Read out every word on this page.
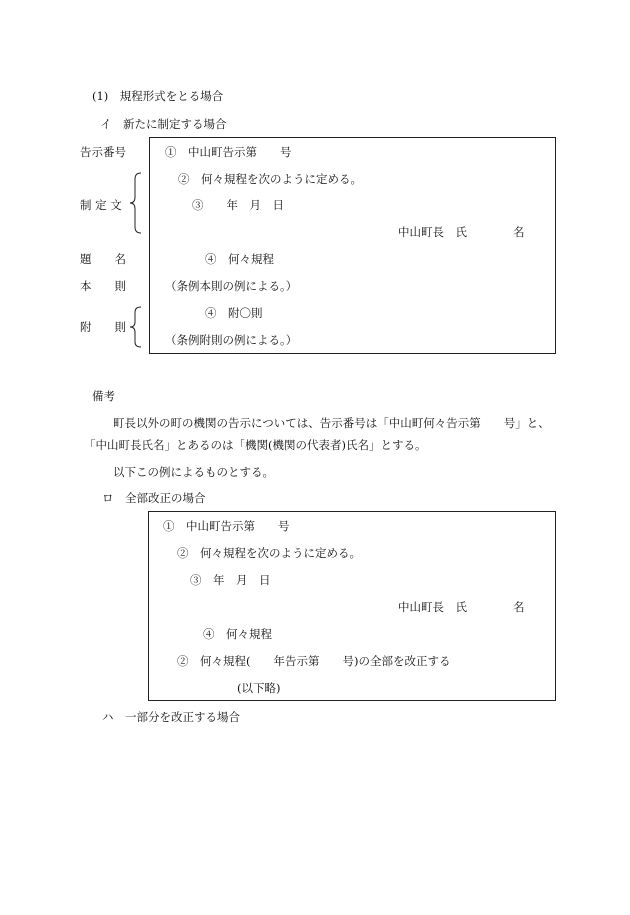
(1)　規程形式をとる場合
イ　新たに制定する場合
告示番号
制 定 文
題　　名
本　　則
附　　則
①　中山町告示第　　号
②　何々規程を次のように定める。
③　　年　月　日
中山町長　氏　　　　名
④　何々規程
（条例本則の例による。）
④　附〇則
（条例附則の例による。）
備考
町長以外の町の機関の告示については、告示番号は「中山町何々告示第　　号」と、
「中山町長氏名」とあるのは「機関(機関の代表者)氏名」とする。
以下この例によるものとする。
ロ　全部改正の場合
①　中山町告示第　　号
②　何々規程を次のように定める。
③　年　月　日
中山町長　氏　　　　名
④　何々規程
②　何々規程(　　年告示第　　号)の全部を改正する
(以下略)
ハ　一部分を改正する場合
